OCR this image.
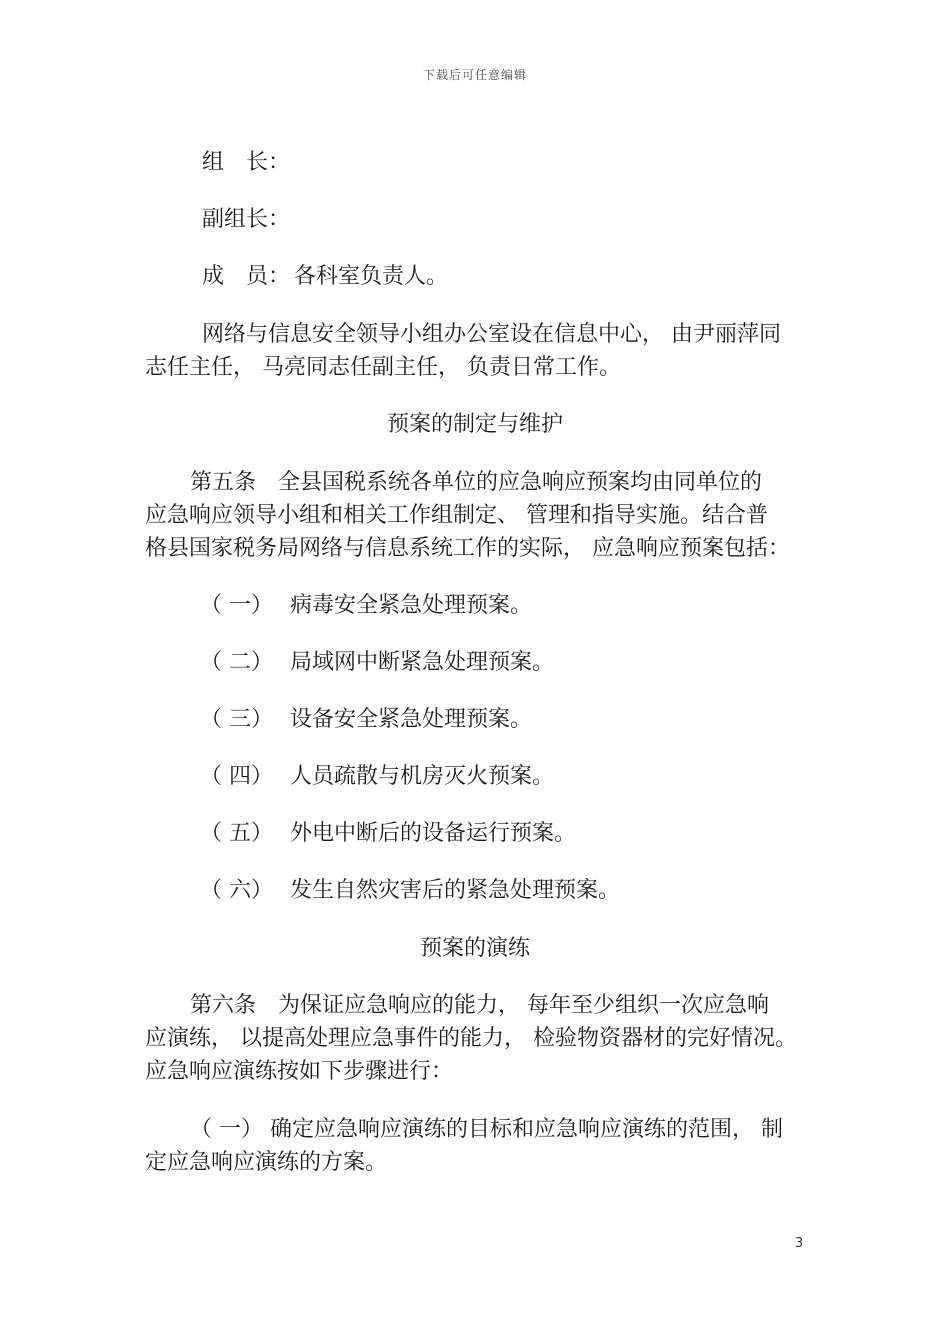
下载后可任意编辑
组　长：
副组长：
成　员： 各科室负责人。
网络与信息安全领导小组办公室设在信息中心， 由尹丽萍同
志任主任， 马亮同志任副主任， 负责日常工作。
预案的制定与维护
第五条　全县国税系统各单位的应急响应预案均由同单位的
应急响应领导小组和相关工作组制定、 管理和指导实施。结合普
格县国家税务局网络与信息系统工作的实际， 应急响应预案包括：
（ 一） 病毒安全紧急处理预案。
（ 二） 局域网中断紧急处理预案。
（ 三） 设备安全紧急处理预案。
（ 四） 人员疏散与机房灭火预案。
（ 五） 外电中断后的设备运行预案。
（ 六） 发生自然灾害后的紧急处理预案。
预案的演练
第六条　为保证应急响应的能力， 每年至少组织一次应急响
应演练， 以提高处理应急事件的能力， 检验物资器材的完好情况。
应急响应演练按如下步骤进行：
（ 一） 确定应急响应演练的目标和应急响应演练的范围， 制
定应急响应演练的方案。
3
